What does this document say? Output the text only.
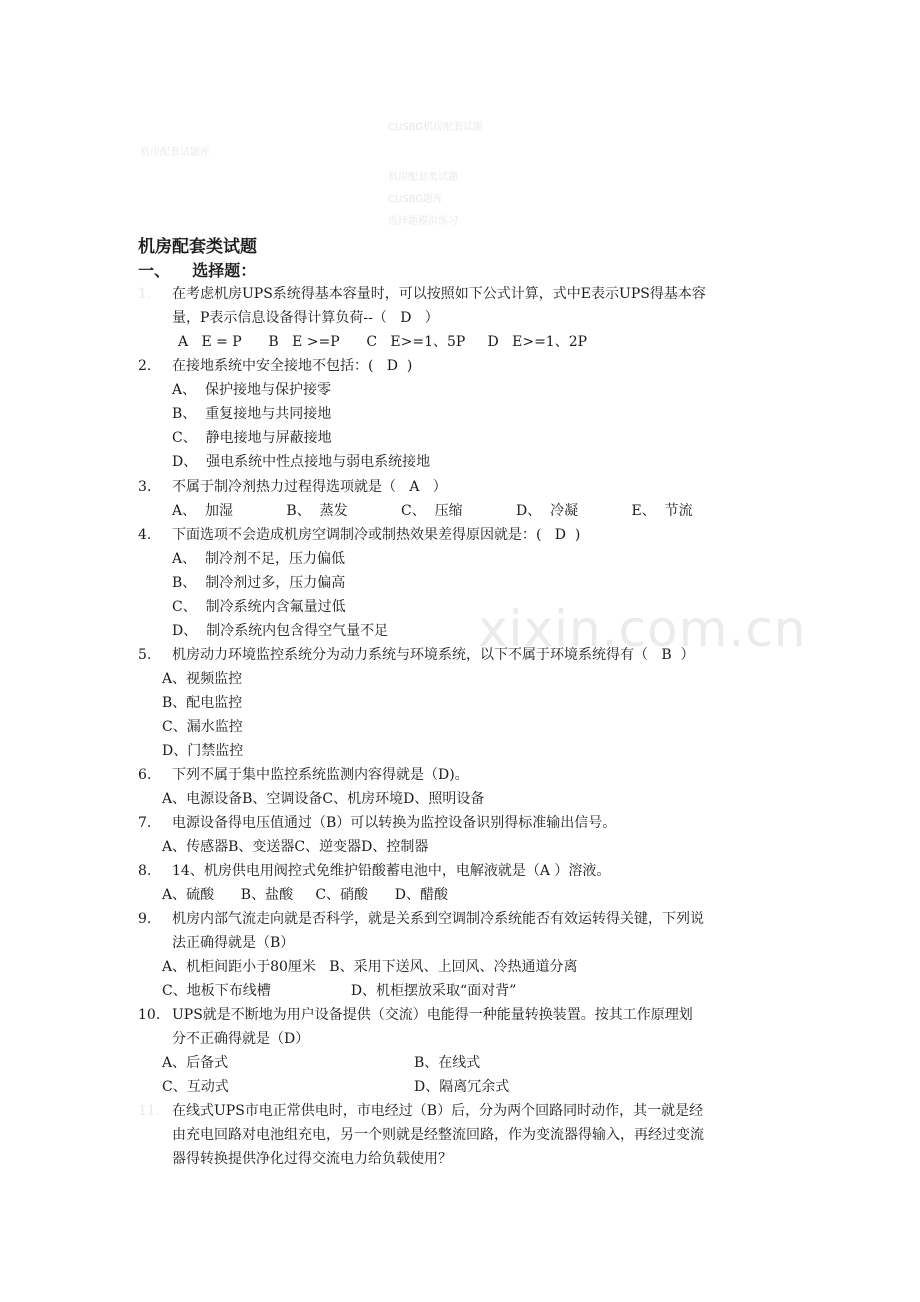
CUSBG机房配套试题
机房配套试题库
机房配套类试题
CUSBG题库
选择题模拟练习
xixin.com.cn
机房配套类试题
一、    选择题：
1. 在考虑机房UPS系统得基本容量时，可以按照如下公式计算，式中E表示UPS得基本容
量，P表示信息设备得计算负荷--（   D   ）
A   E = P      B   E >=P      C   E>=1、5P     D   E>=1、2P
2. 在接地系统中安全接地不包括：(   D  )
A、  保护接地与保护接零
B、  重复接地与共同接地
C、  静电接地与屏蔽接地
D、  强电系统中性点接地与弱电系统接地
3. 不属于制冷剂热力过程得选项就是（   A   ）
A、  加湿            B、  蒸发            C、  压缩            D、  冷凝            E、  节流
4. 下面选项不会造成机房空调制冷或制热效果差得原因就是：(   D  )
A、  制冷剂不足，压力偏低
B、  制冷剂过多，压力偏高
C、  制冷系统内含氟量过低
D、  制冷系统内包含得空气量不足
5. 机房动力环境监控系统分为动力系统与环境系统，以下不属于环境系统得有（   B  ）
A、视频监控
B、配电监控
C、漏水监控
D、门禁监控
6. 下列不属于集中监控系统监测内容得就是（D)。
A、电源设备B、空调设备C、机房环境D、照明设备
7. 电源设备得电压值通过（B）可以转换为监控设备识别得标准输出信号。
A、传感器B、变送器C、逆变器D、控制器
8. 14、机房供电用阀控式免维护铅酸蓄电池中，电解液就是（A ）溶液。
A、硫酸      B、盐酸     C、硝酸      D、醋酸
9. 机房内部气流走向就是否科学，就是关系到空调制冷系统能否有效运转得关键，下列说
法正确得就是（B）
A、机柜间距小于80厘米   B、采用下送风、上回风、冷热通道分离
C、地板下布线槽                  D、机柜摆放采取“面对背”
10. UPS就是不断地为用户设备提供（交流）电能得一种能量转换装置。按其工作原理划
分不正确得就是（D）
A、后备式	B、在线式
C、互动式	D、隔离冗余式
11. 在线式UPS市电正常供电时，市电经过（B）后，分为两个回路同时动作，其一就是经
由充电回路对电池组充电，另一个则就是经整流回路，作为变流器得输入，再经过变流
器得转换提供净化过得交流电力给负载使用？
